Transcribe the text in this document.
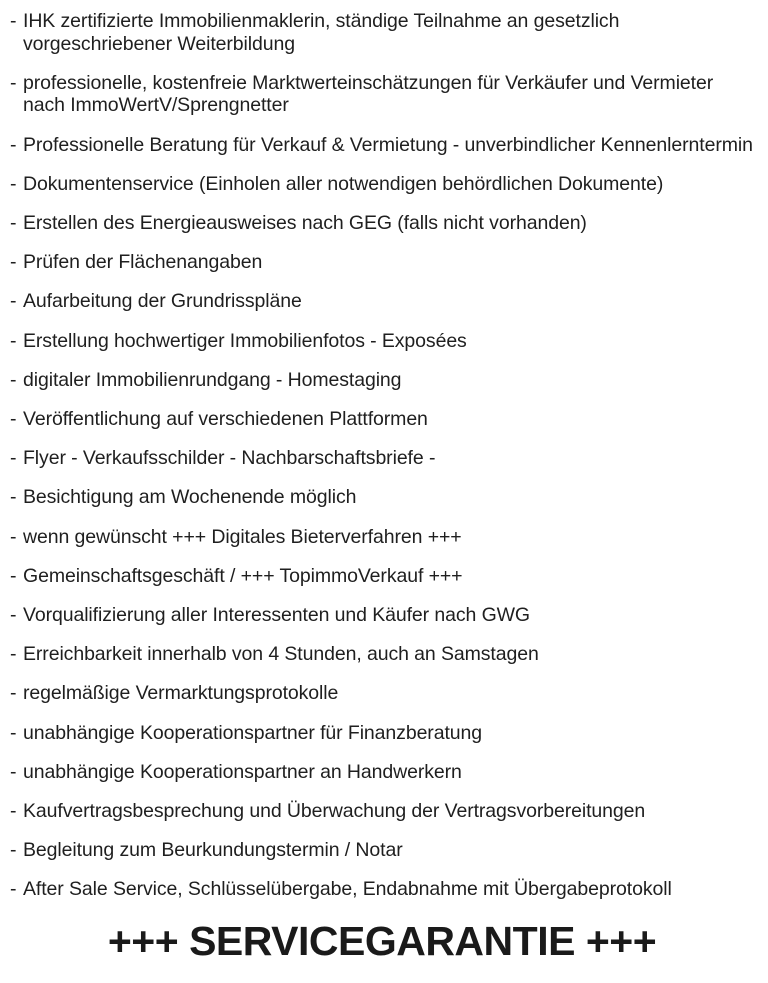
- IHK zertifizierte Immobilienmaklerin, ständige Teilnahme an gesetzlich vorgeschriebener Weiterbildung
- professionelle, kostenfreie Marktwerteinschätzungen für Verkäufer und Vermieter nach ImmoWertV/Sprengnetter
- Professionelle Beratung für Verkauf & Vermietung - unverbindlicher Kennenlerntermin
- Dokumentenservice (Einholen aller notwendigen behördlichen Dokumente)
- Erstellen des Energieausweises nach GEG (falls nicht vorhanden)
- Prüfen der Flächenangaben
- Aufarbeitung der Grundrisspläne
- Erstellung hochwertiger Immobilienfotos - Exposées
- digitaler Immobilienrundgang - Homestaging
- Veröffentlichung auf verschiedenen Plattformen
- Flyer - Verkaufsschilder - Nachbarschaftsbriefe -
- Besichtigung am Wochenende möglich
- wenn gewünscht +++ Digitales Bieterverfahren +++
- Gemeinschaftsgeschäft / +++ TopimmoVerkauf +++
- Vorqualifizierung aller Interessenten und Käufer nach GWG
- Erreichbarkeit innerhalb von 4 Stunden, auch an Samstagen
- regelmäßige Vermarktungsprotokolle
- unabhängige Kooperationspartner für Finanzberatung
- unabhängige Kooperationspartner an Handwerkern
- Kaufvertragsbesprechung und Überwachung der Vertragsvorbereitungen
- Begleitung zum Beurkundungstermin / Notar
- After Sale Service, Schlüsselübergabe, Endabnahme mit Übergabeprotokoll
+++ SERVICEGARANTIE +++
